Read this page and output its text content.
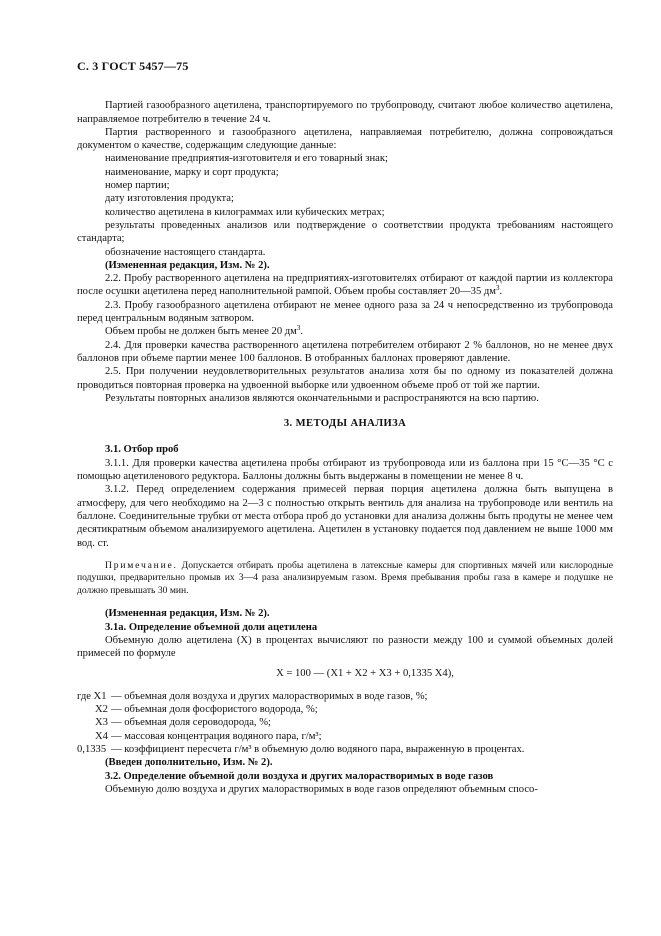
С. 3 ГОСТ 5457—75

Партией газообразного ацетилена, транспортируемого по трубопроводу, считают любое количество ацетилена, направляемое потребителю в течение 24 ч.

Партия растворенного и газообразного ацетилена, направляемая потребителю, должна сопровождаться документом о качестве, содержащим следующие данные:

наименование предприятия-изготовителя и его товарный знак;

наименование, марку и сорт продукта;

номер партии;

дату изготовления продукта;

количество ацетилена в килограммах или кубических метрах;

результаты проведенных анализов или подтверждение о соответствии продукта требованиям настоящего стандарта;

обозначение настоящего стандарта.

(Измененная редакция, Изм. № 2).

2.2. Пробу растворенного ацетилена на предприятиях-изготовителях отбирают от каждой партии из коллектора после осушки ацетилена перед наполнительной рампой. Объем пробы составляет 20—35 $дм^3$.

2.3. Пробу газообразного ацетилена отбирают не менее одного раза за 24 ч непосредственно из трубопровода перед центральным водяным затвором.

Объем пробы не должен быть менее 20 $дм^3$.

2.4. Для проверки качества растворенного ацетилена потребителем отбирают 2 % баллонов, но не менее двух баллонов при объеме партии менее 100 баллонов. В отобранных баллонах проверяют давление.

2.5. При получении неудовлетворительных результатов анализа хотя бы по одному из показателей должна проводиться повторная проверка на удвоенной выборке или удвоенном объеме проб от той же партии.

Результаты повторных анализов являются окончательными и распространяются на всю партию.

3. МЕТОДЫ АНАЛИЗА

3.1. Отбор проб

3.1.1. Для проверки качества ацетилена пробы отбирают из трубопровода или из баллона при 15 °С—35 °С с помощью ацетиленового редуктора. Баллоны должны быть выдержаны в помещении не менее 8 ч.

3.1.2. Перед определением содержания примесей первая порция ацетилена должна быть выпущена в атмосферу, для чего необходимо на 2—3 с полностью открыть вентиль для анализа на трубопроводе или вентиль на баллоне. Соединительные трубки от места отбора проб до установки для анализа должны быть продуты не менее чем десятикратным объемом анализируемого ацетилена. Ацетилен в установку подается под давлением не выше 1000 мм вод. ст.

Примечание. Допускается отбирать пробы ацетилена в латексные камеры для спортивных мячей или кислородные подушки, предварительно промыв их 3—4 раза анализируемым газом. Время пребывания пробы газа в камере и подушке не должно превышать 30 мин.

(Измененная редакция, Изм. № 2).

3.1а. Определение объемной доли ацетилена

Объемную долю ацетилена (X) в процентах вычисляют по разности между 100 и суммой объемных долей примесей по формуле

X = 100 — (X1 + X2 + X3 + 0,1335 X4),
где X1 — объемная доля воздуха и других малорастворимых в воде газов, %;
X2 — объемная доля фосфористого водорода, %;
X3 — объемная доля сероводорода, %;
X4 — массовая концентрация водяного пара, г/м³;
0,1335 — коэффициент пересчета г/м³ в объемную долю водяного пара, выраженную в процентах.

(Введен дополнительно, Изм. № 2).

3.2. Определение объемной доли воздуха и других малорастворимых в воде газов

Объемную долю воздуха и других малорастворимых в воде газов определяют объемным спосо-
